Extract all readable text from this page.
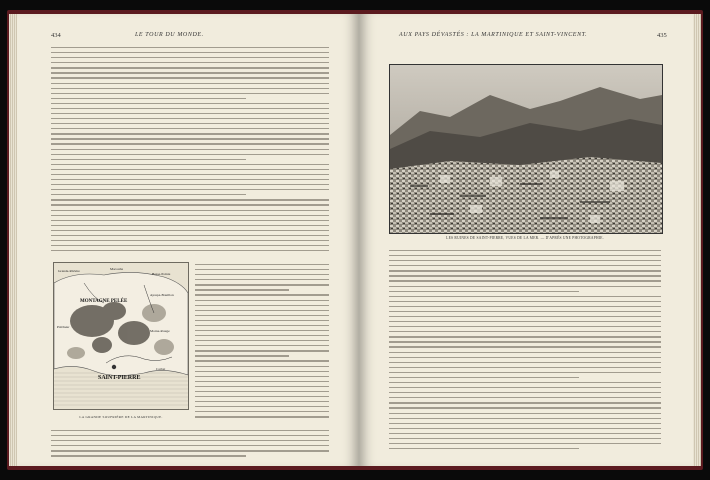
434	LE TOUR DU MONDE.
Grande-Rivière	Macouba
Basse-Pointe
Ajoupa-Bouillon
MONTAGNE PELÉE
Prêcheur
Morne-Rouge
SAINT-PIERRE
Carbet
LA GRANDE SOUFRIÈRE DE LA MARTINIQUE.
AUX PAYS DÉVASTÉS : LA MARTINIQUE ET SAINT-VINCENT.	435
LES RUINES DE SAINT-PIERRE, VUES DE LA MER. — D'APRÈS UNE PHOTOGRAPHIE.
